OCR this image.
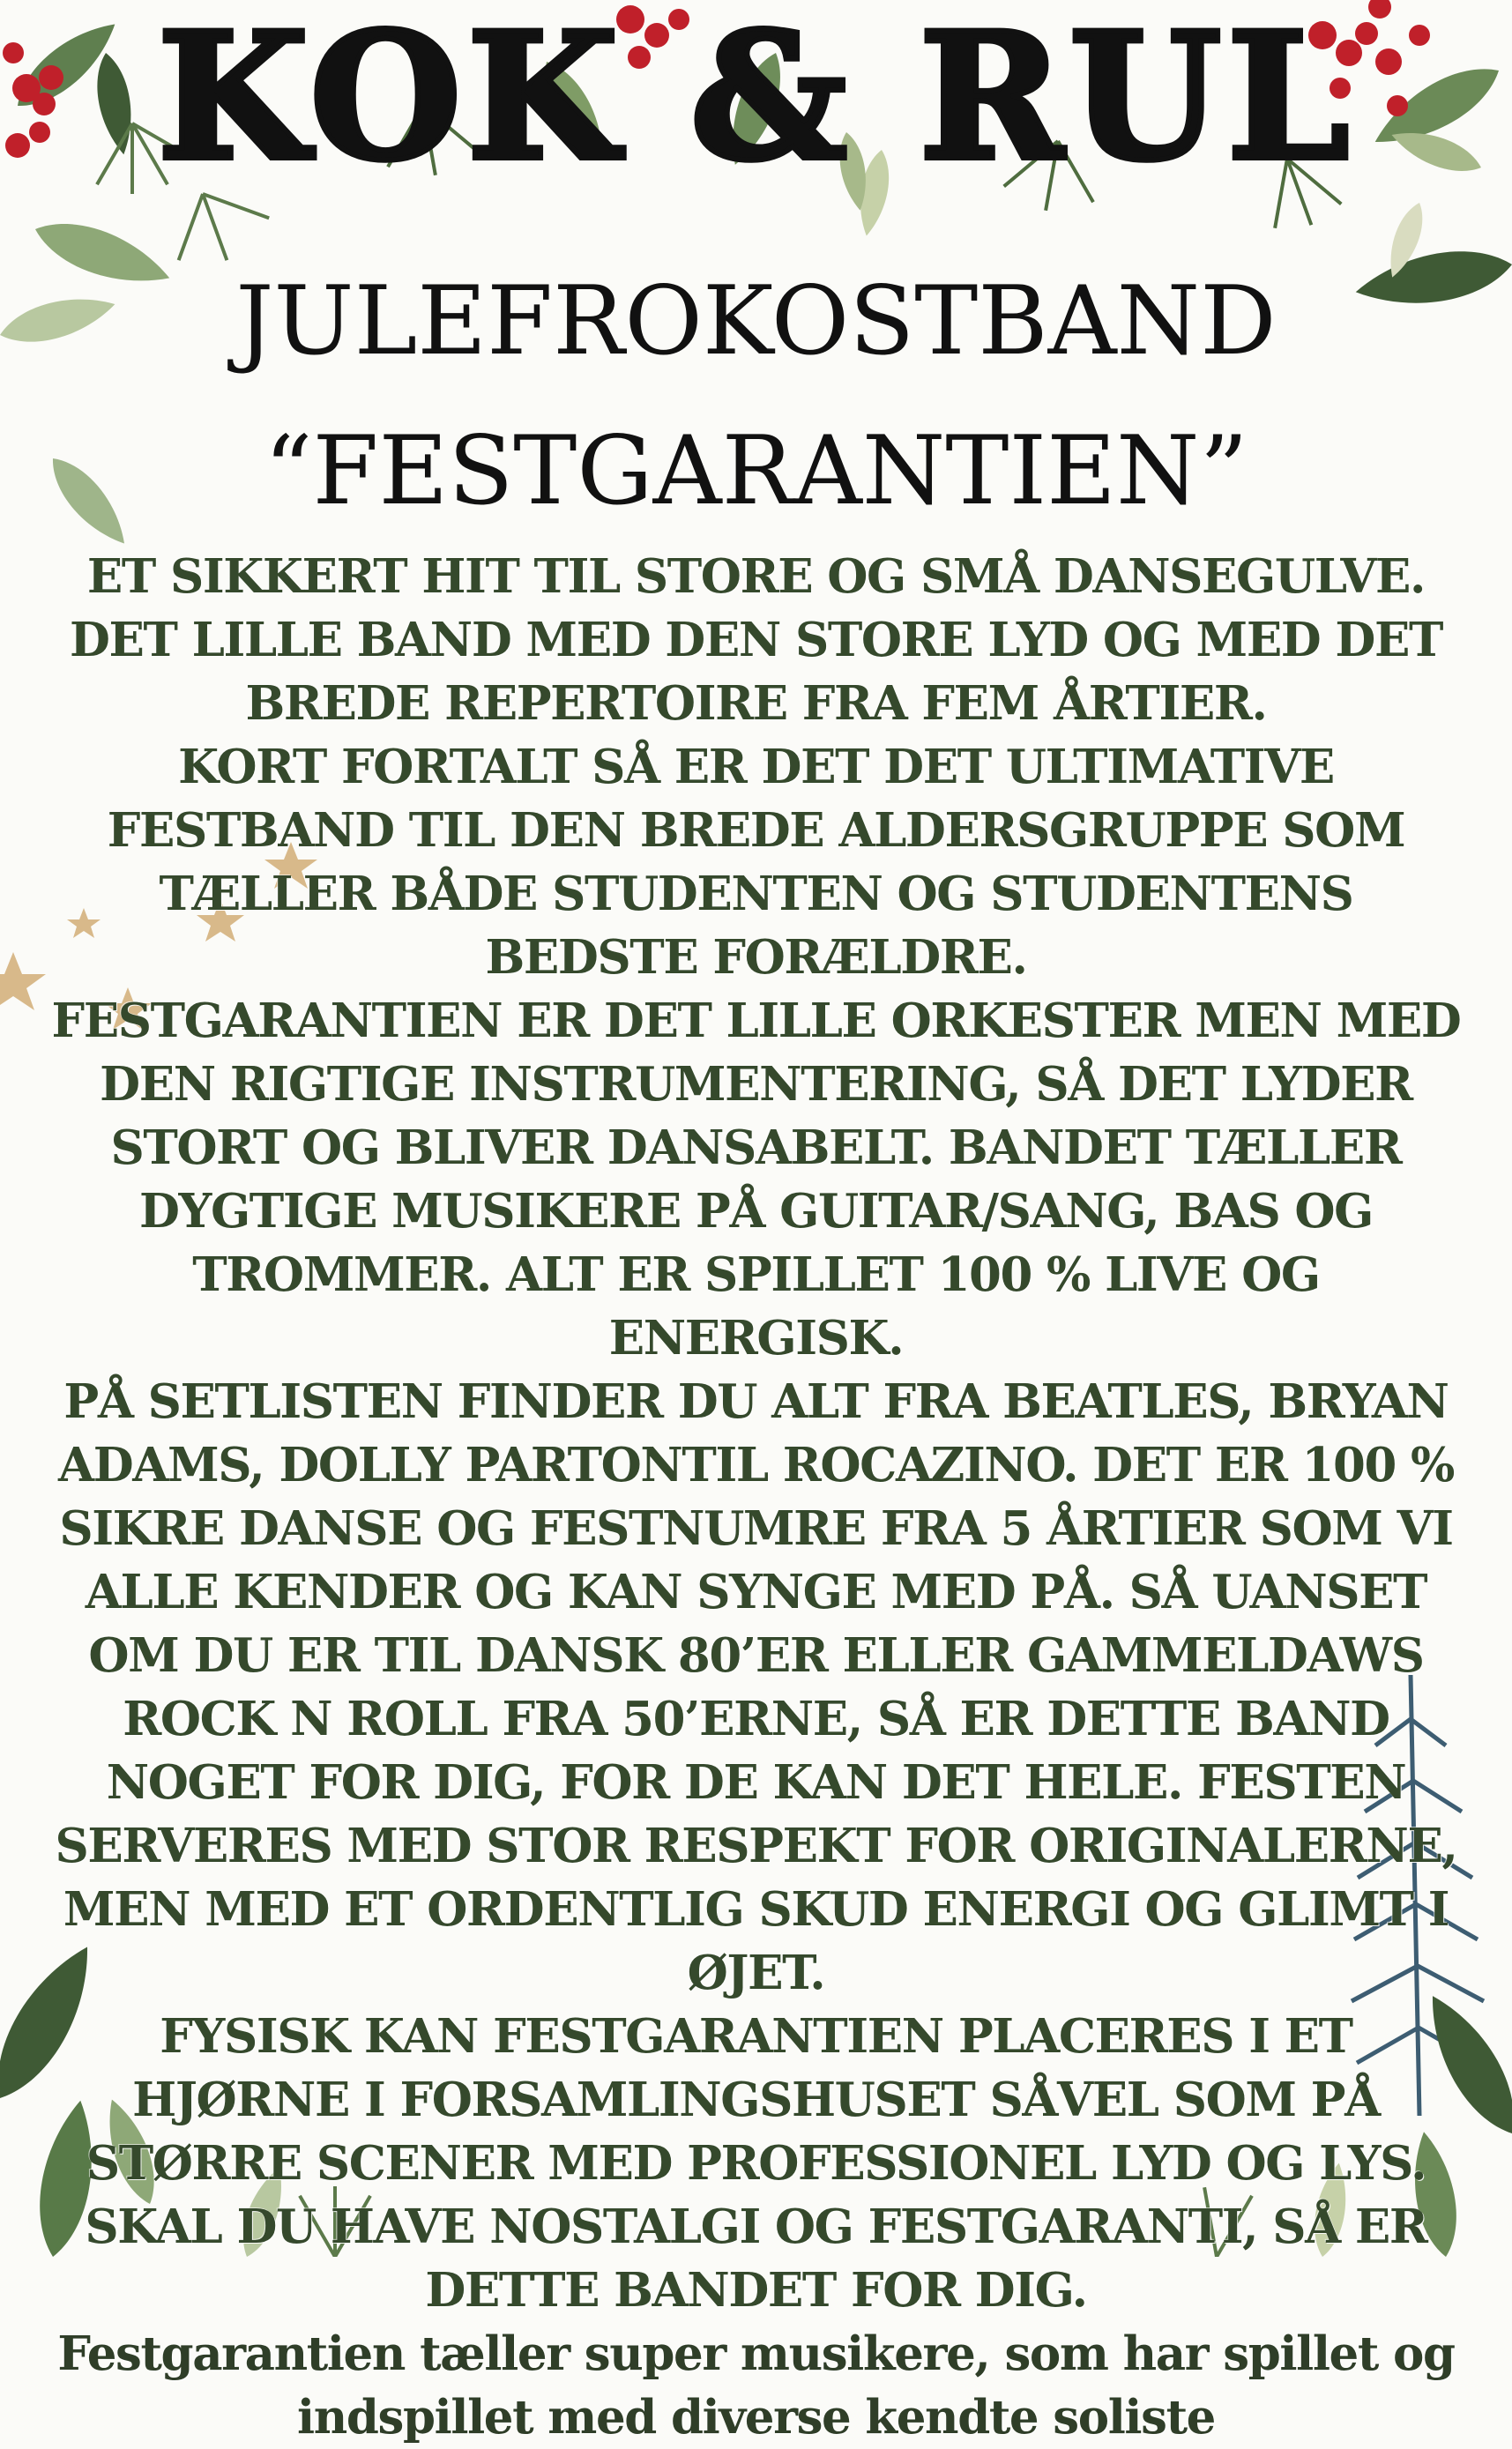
KOK & RUL
JULEFROKOSTBAND
“FESTGARANTIEN”

ET SIKKERT HIT TIL STORE OG SMÅ DANSEGULVE.

DET LILLE BAND MED DEN STORE LYD OG MED DET BREDE REPERTOIRE FRA FEM ÅRTIER.

KORT FORTALT SÅ ER DET DET ULTIMATIVE FESTBAND TIL DEN BREDE ALDERSGRUPPE SOM TÆLLER BÅDE STUDENTEN OG STUDENTENS BEDSTE FORÆLDRE.

FESTGARANTIEN ER DET LILLE ORKESTER MEN MED DEN RIGTIGE INSTRUMENTERING, SÅ DET LYDER STORT OG BLIVER DANSABELT. BANDET TÆLLER DYGTIGE MUSIKERE PÅ GUITAR/SANG, BAS OG TROMMER. ALT ER SPILLET 100 % LIVE OG ENERGISK.

PÅ SETLISTEN FINDER DU ALT FRA BEATLES, BRYAN ADAMS, DOLLY PARTONTIL ROCAZINO. DET ER 100 % SIKRE DANSE OG FESTNUMRE FRA 5 ÅRTIER SOM VI ALLE KENDER OG KAN SYNGE MED PÅ. SÅ UANSET OM DU ER TIL DANSK 80’ER ELLER GAMMELDAWS ROCK N ROLL FRA 50’ERNE, SÅ ER DETTE BAND NOGET FOR DIG, FOR DE KAN DET HELE. FESTEN SERVERES MED STOR RESPEKT FOR ORIGINALERNE, MEN MED ET ORDENTLIG SKUD ENERGI OG GLIMT I ØJET.

FYSISK KAN FESTGARANTIEN PLACERES I ET HJØRNE I FORSAMLINGSHUSET SÅVEL SOM PÅ STØRRE SCENER MED PROFESSIONEL LYD OG LYS.

SKAL DU HAVE NOSTALGI OG FESTGARANTI, SÅ ER DETTE BANDET FOR DIG.

Festgarantien tæller super musikere, som har spillet og indspillet med diverse kendte soliste
